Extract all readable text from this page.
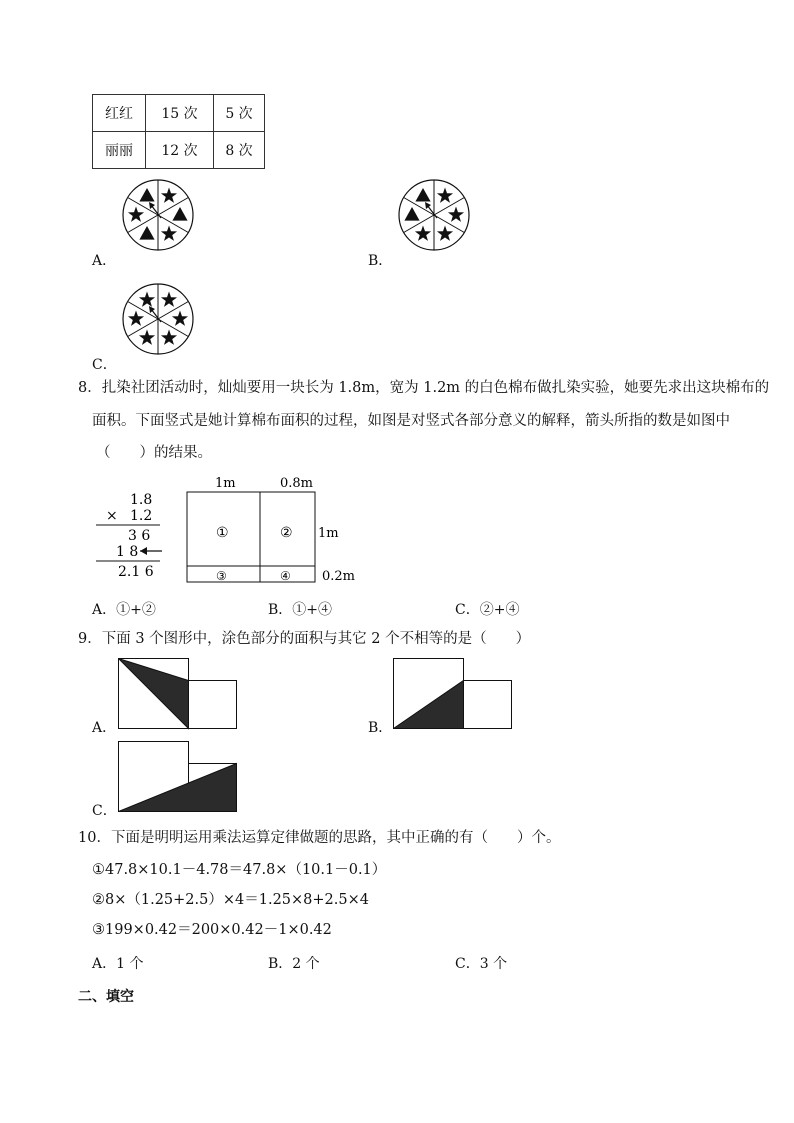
红红	15 次	5 次
丽丽	12 次	8 次
A．	B．
C．
8．扎染社团活动时，灿灿要用一块长为 1.8m，宽为 1.2m 的白色棉布做扎染实验，她要先求出这块棉布的
面积。下面竖式是她计算棉布面积的过程，如图是对竖式各部分意义的解释，箭头所指的数是如图中
（　　）的结果。
1.8
× 1.2
3 6
1 8
2.1 6
1m	0.8m
①	②
③	④
1m
0.2m
A．①+②	B．①+④	C．②+④
9．下面 3 个图形中，涂色部分的面积与其它 2 个不相等的是（　　）
A．	B．
C．
10．下面是明明运用乘法运算定律做题的思路，其中正确的有（　　）个。
①47.8×10.1－4.78＝47.8×（10.1－0.1）
②8×（1.25+2.5）×4＝1.25×8+2.5×4
③199×0.42＝200×0.42－1×0.42
A．1 个	B．2 个	C．3 个
二、填空
